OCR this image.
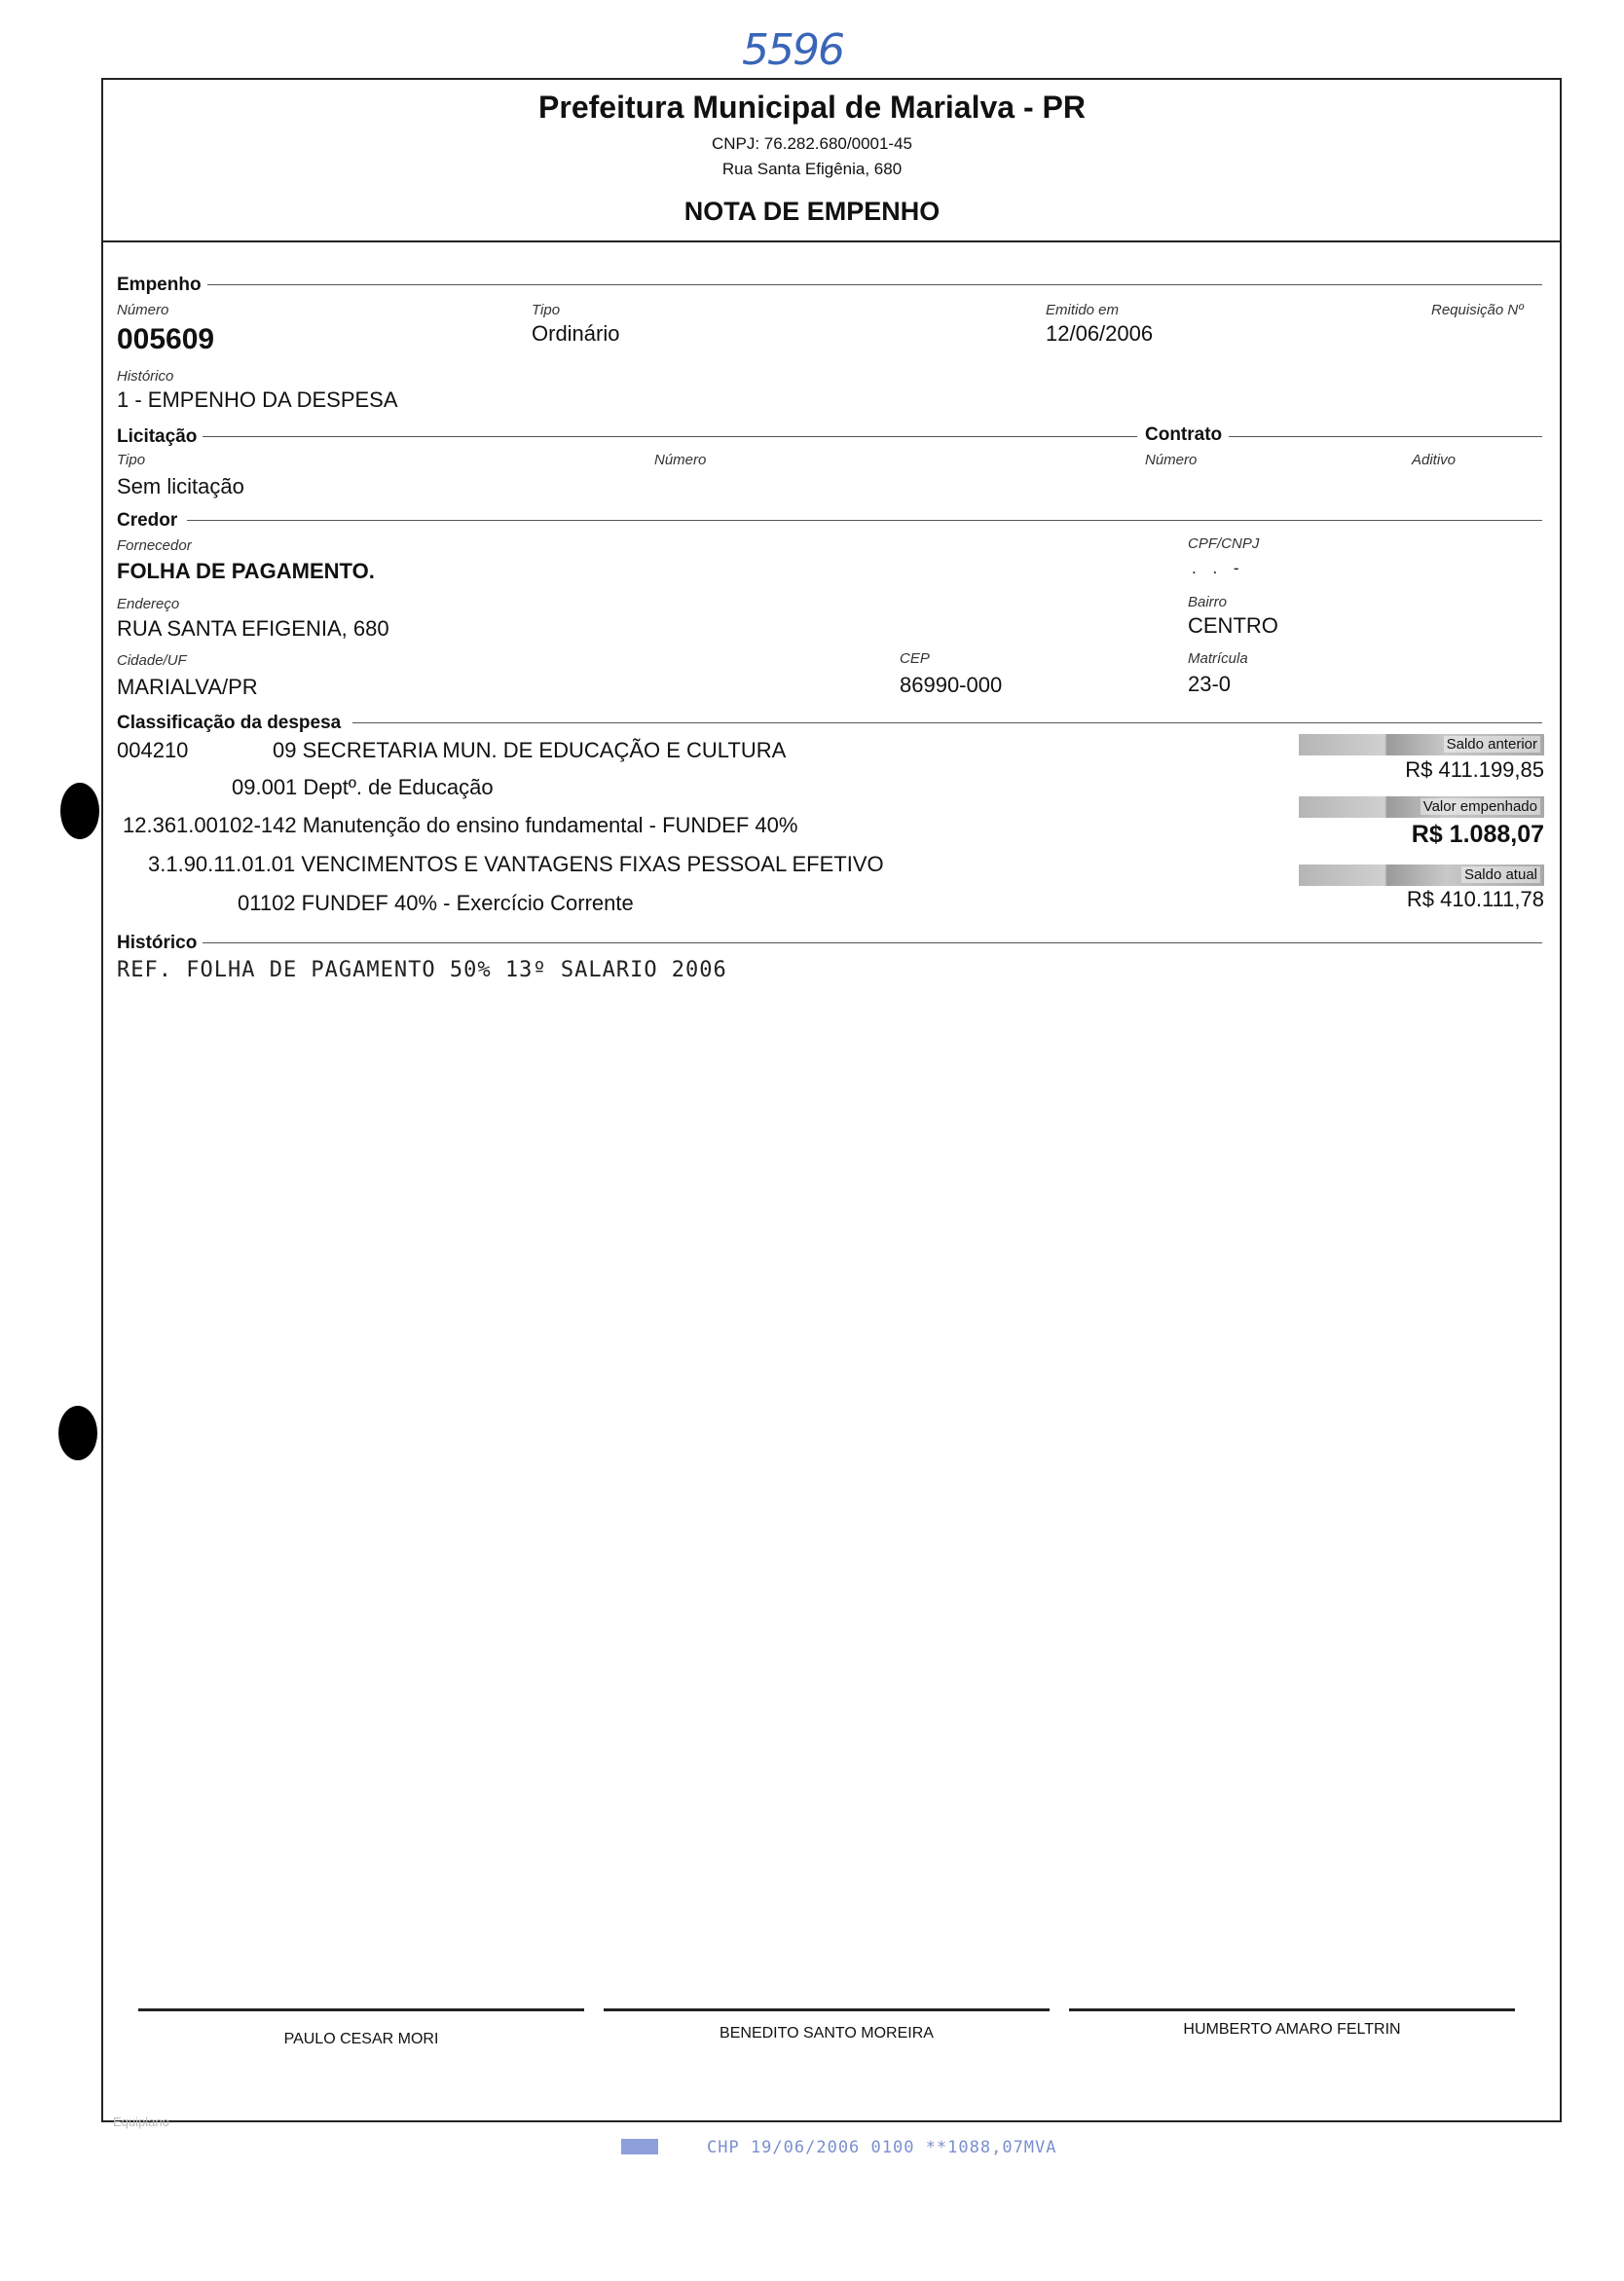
5596
Prefeitura Municipal de Marialva - PR
CNPJ: 76.282.680/0001-45
Rua Santa Efigênia, 680
NOTA DE EMPENHO
Empenho
Número
005609
Tipo
Ordinário
Emitido em
12/06/2006
Requisição Nº
Histórico
1 - EMPENHO DA DESPESA
Licitação	Contrato
Tipo
Sem licitação
Número	Número	Aditivo
Credor
Fornecedor
FOLHA DE PAGAMENTO.
CPF/CNPJ
. . -
Endereço
RUA SANTA EFIGENIA, 680
Bairro
CENTRO
Cidade/UF
MARIALVA/PR
CEP
86990-000
Matrícula
23-0
Classificação da despesa
004210	09 SECRETARIA MUN. DE EDUCAÇÃO E CULTURA
09.001 Deptº. de Educação
12.361.00102-142 Manutenção do ensino fundamental - FUNDEF 40%
3.1.90.11.01.01 VENCIMENTOS E VANTAGENS FIXAS PESSOAL EFETIVO
01102 FUNDEF 40% - Exercício Corrente
Saldo anterior
R$ 411.199,85
Valor empenhado
R$ 1.088,07
Saldo atual
R$ 410.111,78
Histórico
REF. FOLHA DE PAGAMENTO 50% 13º SALARIO 2006
PAULO CESAR MORI	BENEDITO SANTO MOREIRA	HUMBERTO AMARO FELTRIN
Equiplano
CHP 19/06/2006 0100 **1088,07MVA
